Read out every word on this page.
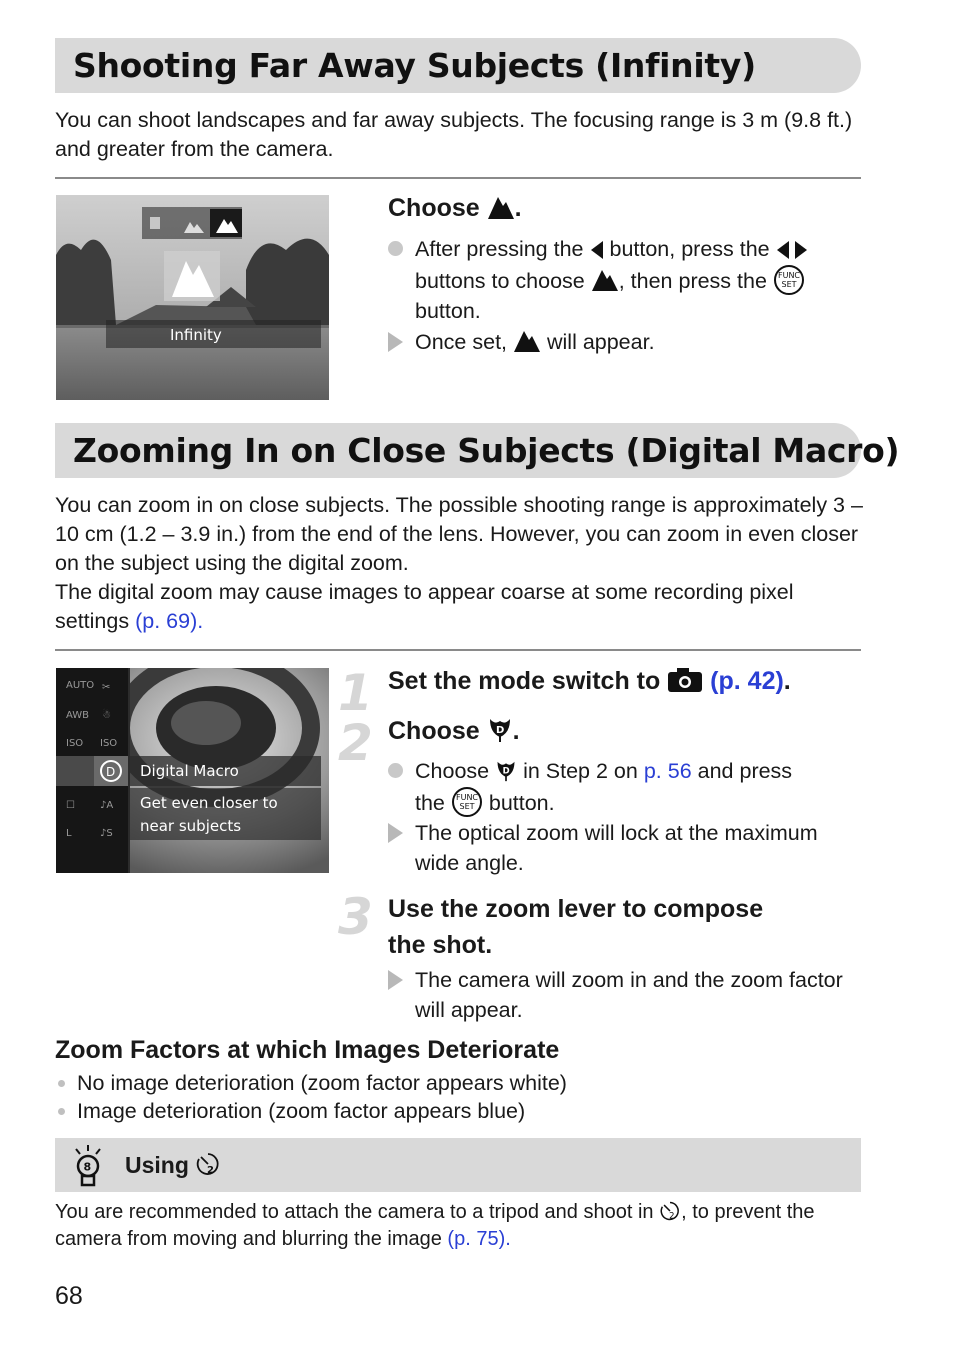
Shooting Far Away Subjects (Infinity)
You can shoot landscapes and far away subjects. The focusing range is 3 m (9.8 ft.) and greater from the camera.
Infinity
Choose .
After pressing the button, press the  buttons to choose , then press the FUNC
SET
button.
Once set, will appear.
Zooming In on Close Subjects (Digital Macro)
You can zoom in on close subjects. The possible shooting range is approximately 3 – 10 cm (1.2 – 3.9 in.) from the end of the lens. However, you can zoom in even closer on the subject using the digital zoom.
The digital zoom may cause images to appear coarse at some recording pixel settings (p. 69).
AUTO ✂
AWB ☃
ISO ISO
☐	♪A
L	♪S
D Digital Macro
Get even closer to
near subjects
1 Set the mode switch to (p. 42).
2 Choose D .
Choose D in Step 2 on p. 56 and press
the FUNC
SET button.
The optical zoom will lock at the maximum wide angle.
3 Use the zoom lever to compose
the shot.
The camera will zoom in and the zoom factor will appear.
Zoom Factors at which Images Deteriorate
No image deterioration (zoom factor appears white)
Image deterioration (zoom factor appears blue)
8 Using 2
You are recommended to attach the camera to a tripod and shoot in 2 , to prevent the camera from moving and blurring the image (p. 75).
68
